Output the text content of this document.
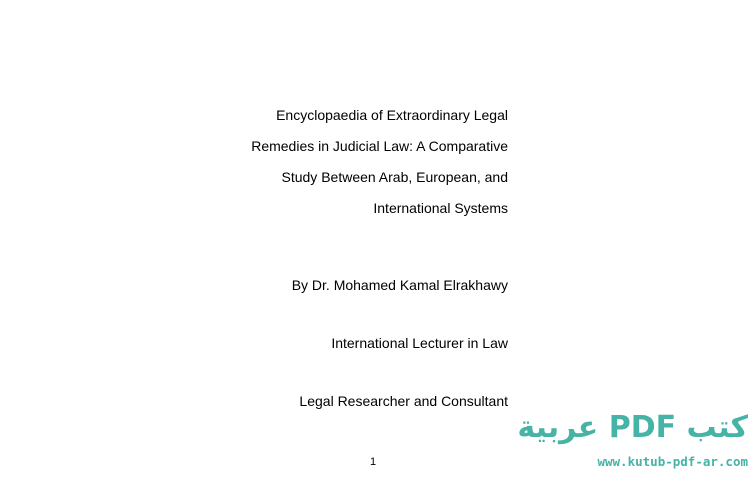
Encyclopaedia of Extraordinary Legal
Remedies in Judicial Law: A Comparative
Study Between Arab, European, and
International Systems
By Dr. Mohamed Kamal Elrakhawy
International Lecturer in Law
Legal Researcher and Consultant
1
كتب PDF عربية
www.kutub-pdf-ar.com
